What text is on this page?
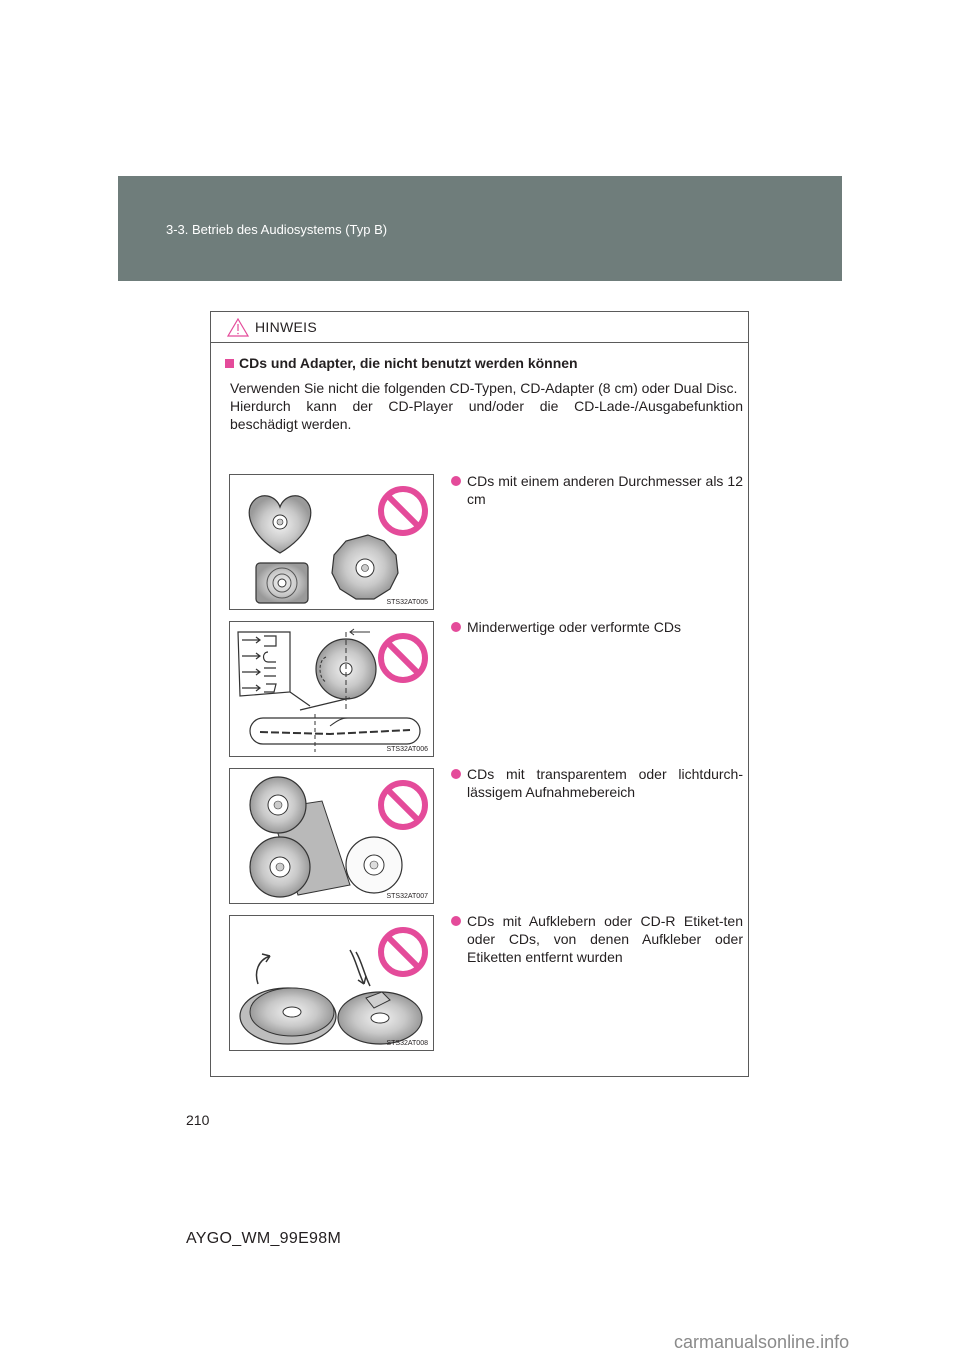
3-3. Betrieb des Audiosystems (Typ B)
HINWEIS
CDs und Adapter, die nicht benutzt werden können

Verwenden Sie nicht die folgenden CD-Typen, CD-Adapter (8 cm) oder Dual Disc.

Hierdurch kann der CD-Player und/oder die CD-Lade-/Ausgabefunktion beschädigt werden.

STS32AT005
CDs mit einem anderen Durchmesser als 12 cm
STS32AT006
Minderwertige oder verformte CDs
STS32AT007
CDs mit transparentem oder lichtdurch-lässigem Aufnahmebereich
STS32AT008
CDs mit Aufklebern oder CD-R Etiket-ten oder CDs, von denen Aufkleber oder Etiketten entfernt wurden
210
AYGO_WM_99E98M
carmanualsonline.info
